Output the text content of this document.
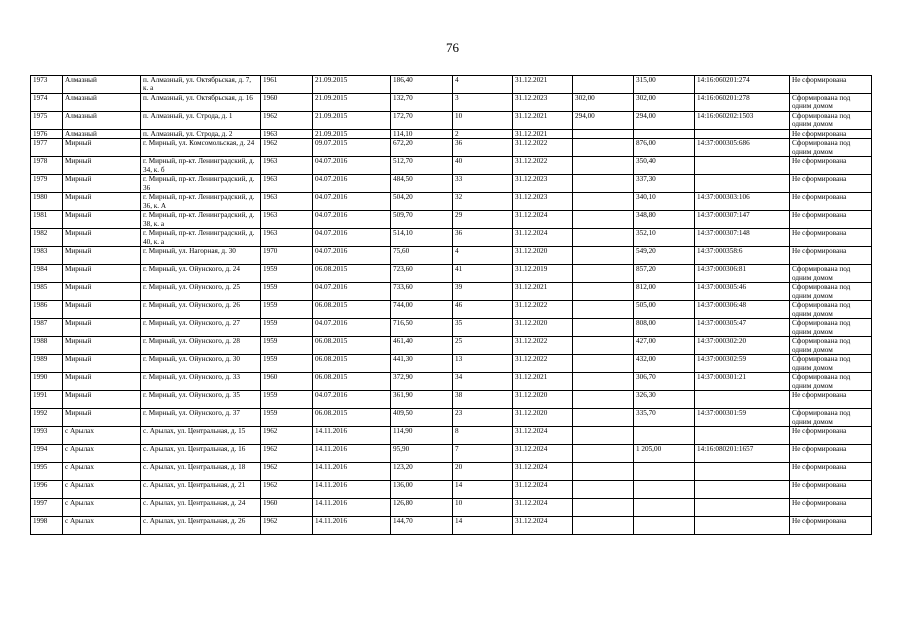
76
1973	Алмазный	п. Алмазный, ул. Октябрьская, д. 7, к. а	1961	21.09.2015	186,40	4	31.12.2021		315,00	14:16:060201:274	Не сформирована
1974	Алмазный	п. Алмазный, ул. Октябрьская, д. 16	1960	21.09.2015	132,70	3	31.12.2023	302,00	302,00	14:16:060201:278	Сформирована под одним домом
1975	Алмазный	п. Алмазный, ул. Строда, д. 1	1962	21.09.2015	172,70	10	31.12.2021	294,00	294,00	14:16:060202:1503	Сформирована под одним домом
1976	Алмазный	п. Алмазный, ул. Строда, д. 2	1963	21.09.2015	114,10	2	31.12.2021				Не сформирована
1977	Мирный	г. Мирный, ул. Комсомольская, д. 24	1962	09.07.2015	672,20	36	31.12.2022		876,00	14:37:000305:686	Сформирована под одним домом
1978	Мирный	г. Мирный, пр-кт. Ленинградский, д. 34, к. б	1963	04.07.2016	512,70	40	31.12.2022		350,40		Не сформирована
1979	Мирный	г. Мирный, пр-кт. Ленинградский, д. 36	1963	04.07.2016	484,50	33	31.12.2023		337,30		Не сформирована
1980	Мирный	г. Мирный, пр-кт. Ленинградский, д. 36, к. А	1963	04.07.2016	504,20	32	31.12.2023		340,10	14:37:000303:106	Не сформирована
1981	Мирный	г. Мирный, пр-кт. Ленинградский, д. 38, к. а	1963	04.07.2016	509,70	29	31.12.2024		348,80	14:37:000307:147	Не сформирована
1982	Мирный	г. Мирный, пр-кт. Ленинградский, д. 40, к. а	1963	04.07.2016	514,10	36	31.12.2024		352,10	14:37:000307:148	Не сформирована
1983	Мирный	г. Мирный, ул. Нагорная, д. 30	1970	04.07.2016	75,60	4	31.12.2020		549,20	14:37:000358:6	Не сформирована
1984	Мирный	г. Мирный, ул. Ойунского, д. 24	1959	06.08.2015	723,60	41	31.12.2019		857,20	14:37:000306:81	Сформирована под одним домом
1985	Мирный	г. Мирный, ул. Ойунского, д. 25	1959	04.07.2016	733,60	39	31.12.2021		812,00	14:37:000305:46	Сформирована под одним домом
1986	Мирный	г. Мирный, ул. Ойунского, д. 26	1959	06.08.2015	744,00	46	31.12.2022		505,00	14:37:000306:48	Сформирована под одним домом
1987	Мирный	г. Мирный, ул. Ойунского, д. 27	1959	04.07.2016	716,50	35	31.12.2020		808,00	14:37:000305:47	Сформирована под одним домом
1988	Мирный	г. Мирный, ул. Ойунского, д. 28	1959	06.08.2015	461,40	25	31.12.2022		427,00	14:37:000302:20	Сформирована под одним домом
1989	Мирный	г. Мирный, ул. Ойунского, д. 30	1959	06.08.2015	441,30	13	31.12.2022		432,00	14:37:000302:59	Сформирована под одним домом
1990	Мирный	г. Мирный, ул. Ойунского, д. 33	1960	06.08.2015	372,90	34	31.12.2021		306,70	14:37:000301:21	Сформирована под одним домом
1991	Мирный	г. Мирный, ул. Ойунского, д. 35	1959	04.07.2016	361,90	38	31.12.2020		326,30		Не сформирована
1992	Мирный	г. Мирный, ул. Ойунского, д. 37	1959	06.08.2015	409,50	23	31.12.2020		335,70	14:37:000301:59	Сформирована под одним домом
1993	с Арылах	с. Арылах, ул. Центральная, д. 15	1962	14.11.2016	114,90	8	31.12.2024				Не сформирована
1994	с Арылах	с. Арылах, ул. Центральная, д. 16	1962	14.11.2016	95,90	7	31.12.2024		1 205,00	14:16:080201:1657	Не сформирована
1995	с Арылах	с. Арылах, ул. Центральная, д. 18	1962	14.11.2016	123,20	20	31.12.2024				Не сформирована
1996	с Арылах	с. Арылах, ул. Центральная, д. 21	1962	14.11.2016	136,00	14	31.12.2024				Не сформирована
1997	с Арылах	с. Арылах, ул. Центральная, д. 24	1960	14.11.2016	126,80	10	31.12.2024				Не сформирована
1998	с Арылах	с. Арылах, ул. Центральная, д. 26	1962	14.11.2016	144,70	14	31.12.2024				Не сформирована
